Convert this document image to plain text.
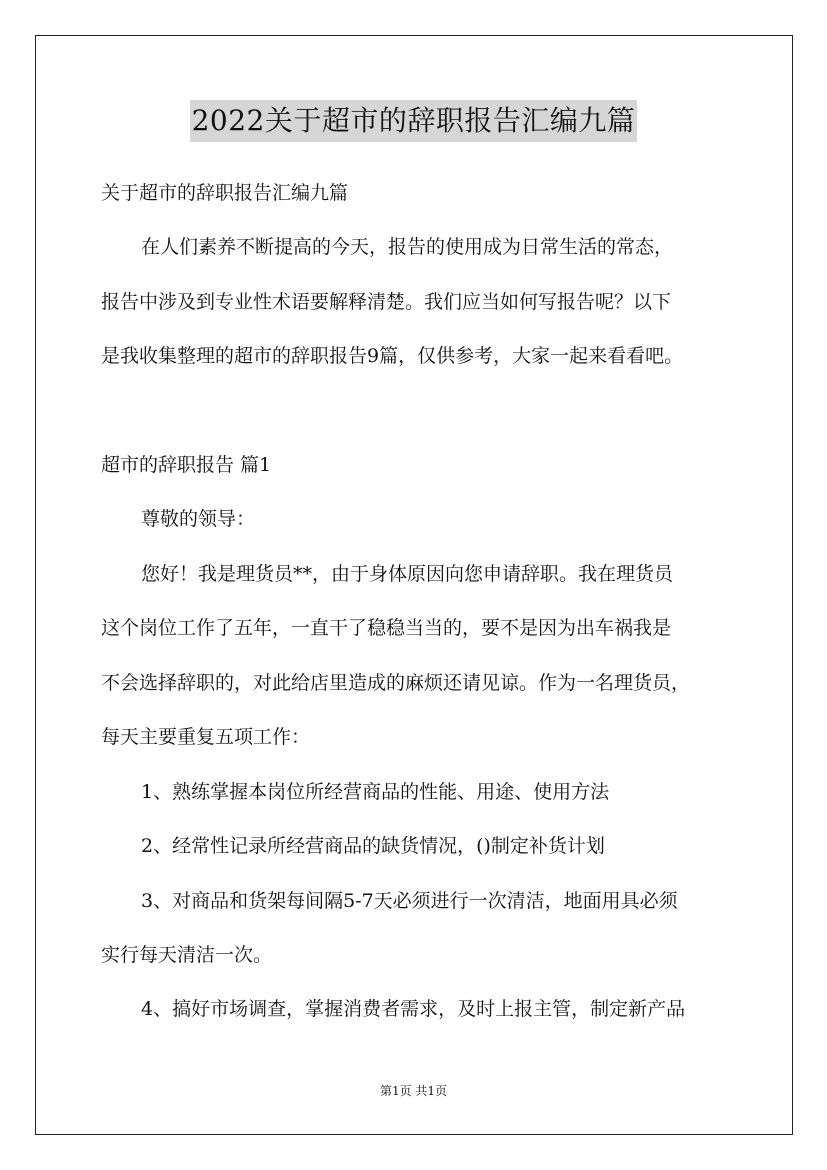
2022关于超市的辞职报告汇编九篇
关于超市的辞职报告汇编九篇
在人们素养不断提高的今天，报告的使用成为日常生活的常态，
报告中涉及到专业性术语要解释清楚。我们应当如何写报告呢？以下
是我收集整理的超市的辞职报告9篇，仅供参考，大家一起来看看吧。
超市的辞职报告 篇1
尊敬的领导：
您好！我是理货员**，由于身体原因向您申请辞职。我在理货员
这个岗位工作了五年，一直干了稳稳当当的，要不是因为出车祸我是
不会选择辞职的，对此给店里造成的麻烦还请见谅。作为一名理货员，
每天主要重复五项工作：
1、熟练掌握本岗位所经营商品的性能、用途、使用方法
2、经常性记录所经营商品的缺货情况，()制定补货计划
3、对商品和货架每间隔5-7天必须进行一次清洁，地面用具必须
实行每天清洁一次。
4、搞好市场调查，掌握消费者需求，及时上报主管，制定新产品
第1页 共1页
